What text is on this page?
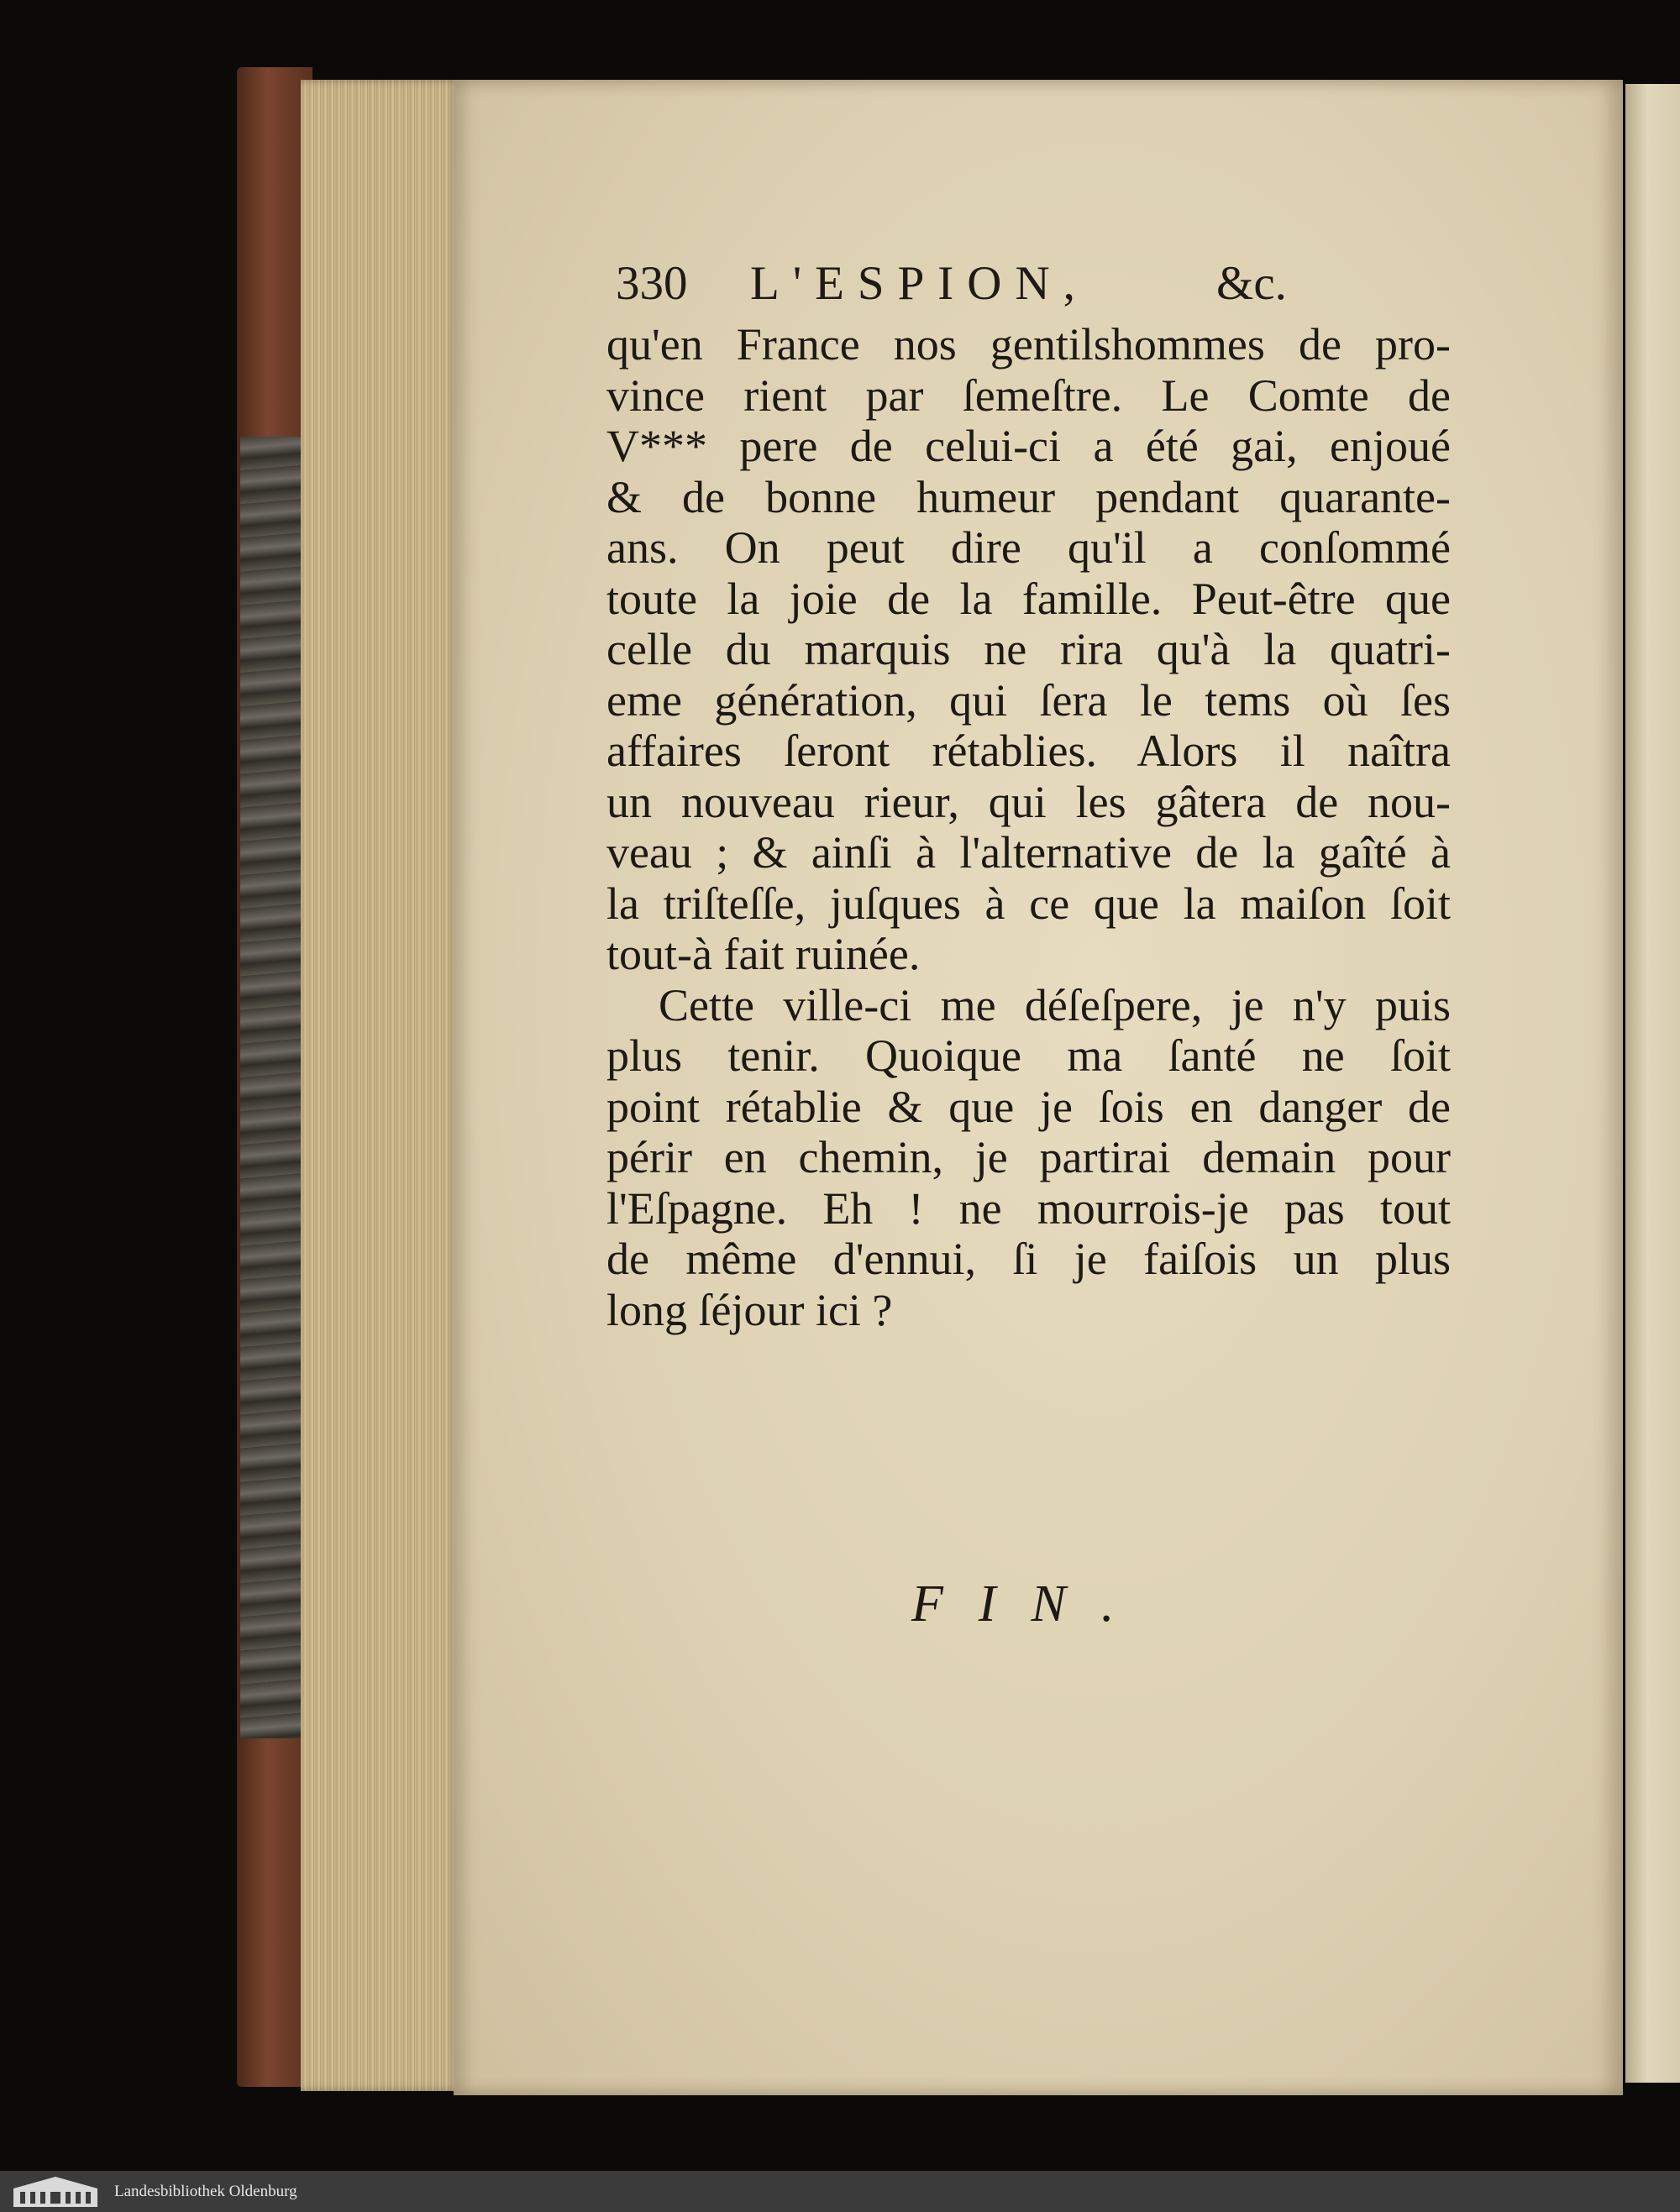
330 L'ESPION,	&c.
qu'en France nos gentilshommes de pro-
vince rient par ſemeſtre. Le Comte de
V*** pere de celui-ci a été gai, enjoué
& de bonne humeur pendant quarante-
ans. On peut dire qu'il a conſommé
toute la joie de la famille. Peut-être que
celle du marquis ne rira qu'à la quatri-
eme génération, qui ſera le tems où ſes
affaires ſeront rétablies. Alors il naîtra
un nouveau rieur, qui les gâtera de nou-
veau ; & ainſi à l'alternative de la gaîté à
la triſteſſe, juſques à ce que la maiſon ſoit
tout-à fait ruinée.
Cette ville-ci me déſeſpere, je n'y puis
plus tenir. Quoique ma ſanté ne ſoit
point rétablie & que je ſois en danger de
périr en chemin, je partirai demain pour
l'Eſpagne. Eh ! ne mourrois-je pas tout
de même d'ennui, ſi je faiſois un plus
long ſéjour ici ?
FIN.
Landesbibliothek Oldenburg
